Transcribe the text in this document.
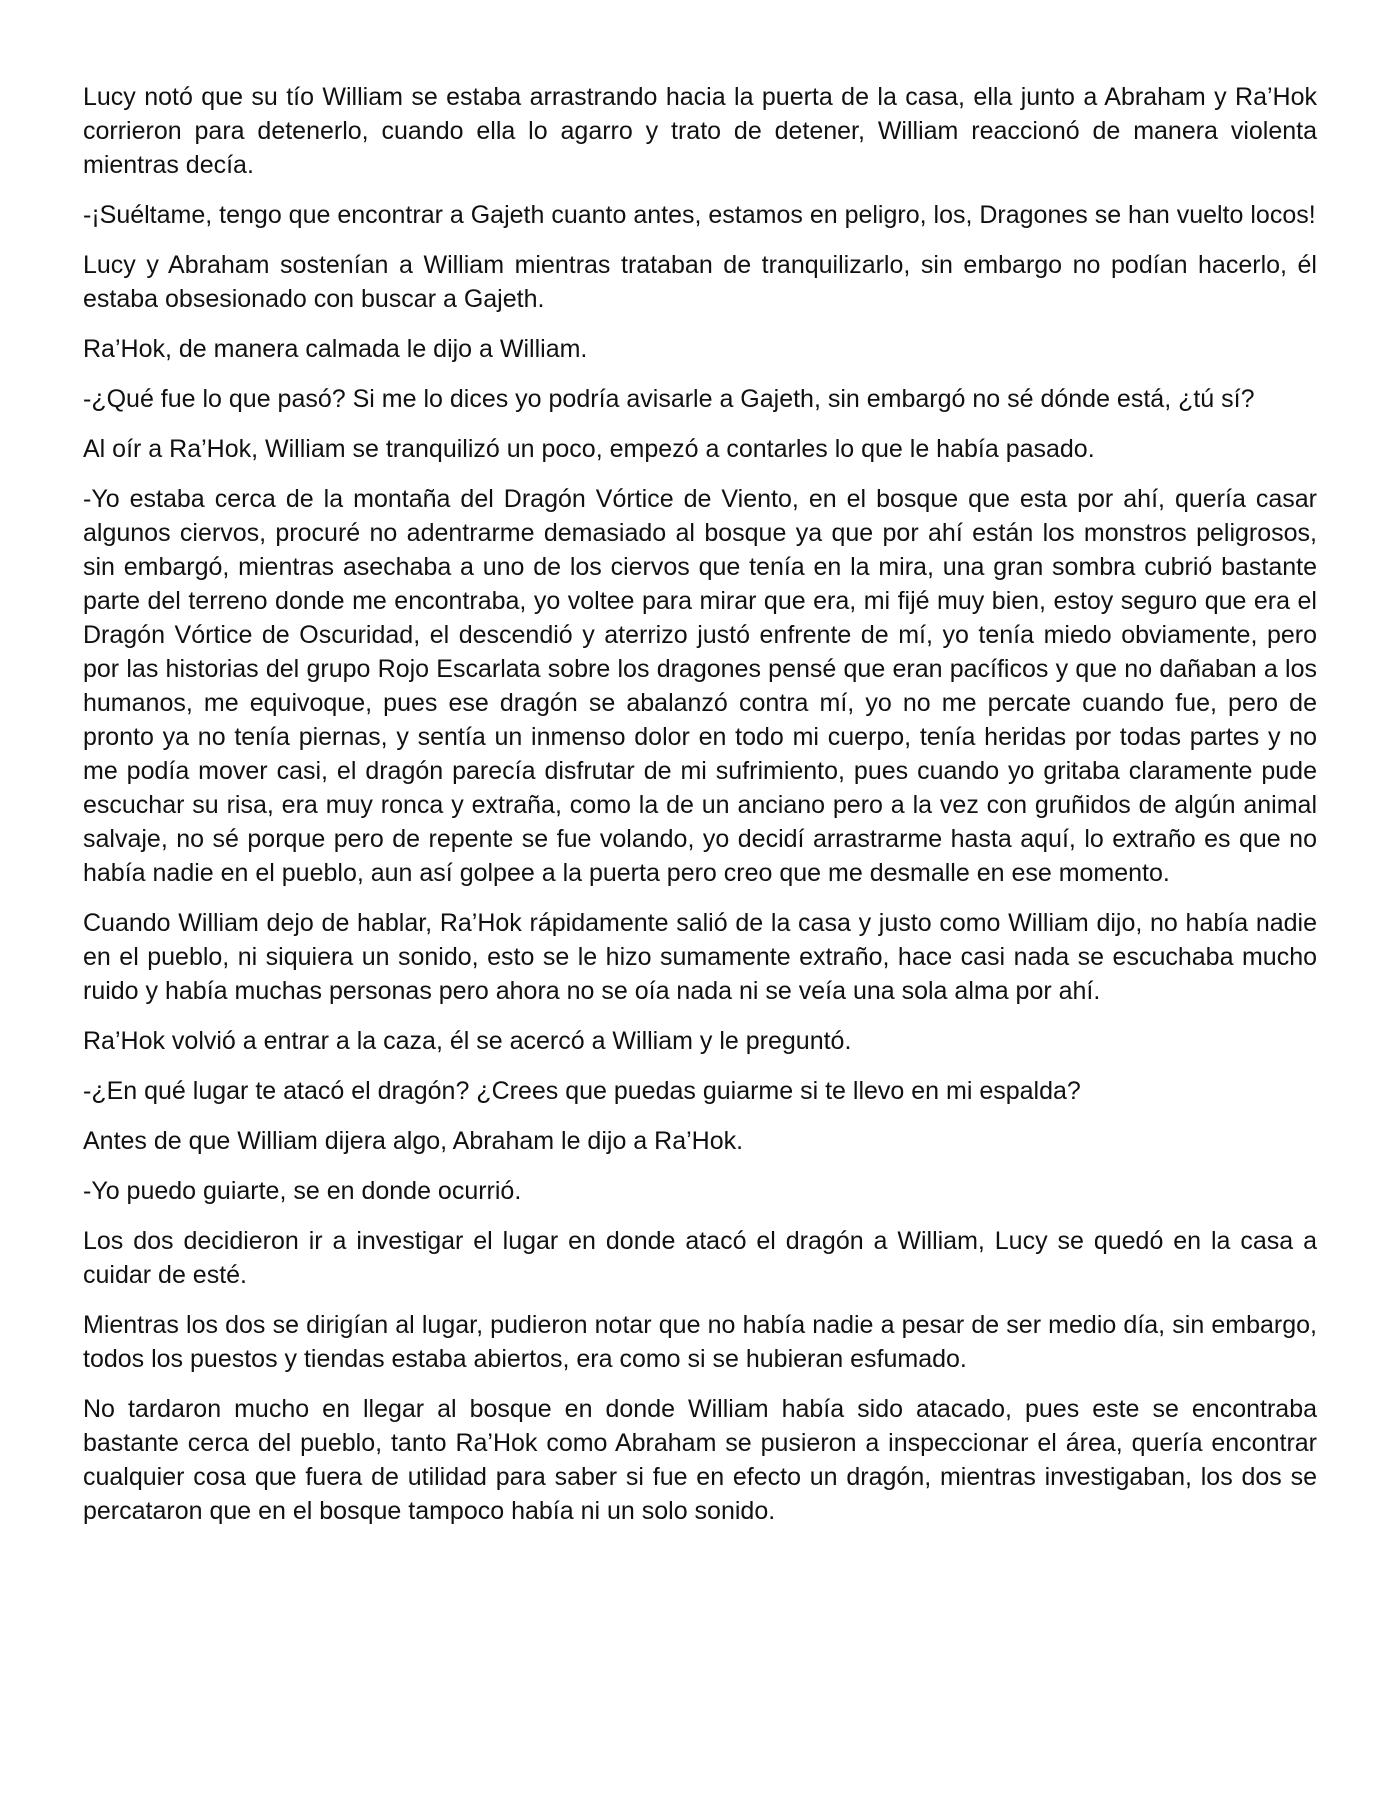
Lucy notó que su tío William se estaba arrastrando hacia la puerta de la casa, ella junto a Abraham y Ra’Hok corrieron para detenerlo, cuando ella lo agarro y trato de detener, William reaccionó de manera violenta mientras decía.

-¡Suéltame, tengo que encontrar a Gajeth cuanto antes, estamos en peligro, los, Dragones se han vuelto locos!

Lucy y Abraham sostenían a William mientras trataban de tranquilizarlo, sin embargo no podían hacerlo, él estaba obsesionado con buscar a Gajeth.

Ra’Hok, de manera calmada le dijo a William.

-¿Qué fue lo que pasó? Si me lo dices yo podría avisarle a Gajeth, sin embargó no sé dónde está, ¿tú sí?

Al oír a Ra’Hok, William se tranquilizó un poco, empezó a contarles lo que le había pasado.

-Yo estaba cerca de la montaña del Dragón Vórtice de Viento, en el bosque que esta por ahí, quería casar algunos ciervos, procuré no adentrarme demasiado al bosque ya que por ahí están los monstros peligrosos, sin embargó, mientras asechaba a uno de los ciervos que tenía en la mira, una gran sombra cubrió bastante parte del terreno donde me encontraba, yo voltee para mirar que era, mi fijé muy bien, estoy seguro que era el Dragón Vórtice de Oscuridad, el descendió y aterrizo justó enfrente de mí, yo tenía miedo obviamente, pero por las historias del grupo Rojo Escarlata sobre los dragones pensé que eran pacíficos y que no dañaban a los humanos, me equivoque, pues ese dragón se abalanzó contra mí, yo no me percate cuando fue, pero de pronto ya no tenía piernas, y sentía un inmenso dolor en todo mi cuerpo, tenía heridas por todas partes y no me podía mover casi, el dragón parecía disfrutar de mi sufrimiento, pues cuando yo gritaba claramente pude escuchar su risa, era muy ronca y extraña, como la de un anciano pero a la vez con gruñidos de algún animal salvaje, no sé porque pero de repente se fue volando, yo decidí arrastrarme hasta aquí, lo extraño es que no había nadie en el pueblo, aun así golpee a la puerta pero creo que me desmalle en ese momento.

Cuando William dejo de hablar, Ra’Hok rápidamente salió de la casa y justo como William dijo, no había nadie en el pueblo, ni siquiera un sonido, esto se le hizo sumamente extraño, hace casi nada se escuchaba mucho ruido y había muchas personas pero ahora no se oía nada ni se veía una sola alma por ahí.

Ra’Hok volvió a entrar a la caza, él se acercó a William y le preguntó.

-¿En qué lugar te atacó el dragón? ¿Crees que puedas guiarme si te llevo en mi espalda?

Antes de que William dijera algo, Abraham le dijo a Ra’Hok.

-Yo puedo guiarte, se en donde ocurrió.

Los dos decidieron ir a investigar el lugar en donde atacó el dragón a William, Lucy se quedó en la casa a cuidar de esté.

Mientras los dos se dirigían al lugar, pudieron notar que no había nadie a pesar de ser medio día, sin embargo, todos los puestos y tiendas estaba abiertos, era como si se hubieran esfumado.

No tardaron mucho en llegar al bosque en donde William había sido atacado, pues este se encontraba bastante cerca del pueblo, tanto Ra’Hok como Abraham se pusieron a inspeccionar el área, quería encontrar cualquier cosa que fuera de utilidad para saber si fue en efecto un dragón, mientras investigaban, los dos se percataron que en el bosque tampoco había ni un solo sonido.
